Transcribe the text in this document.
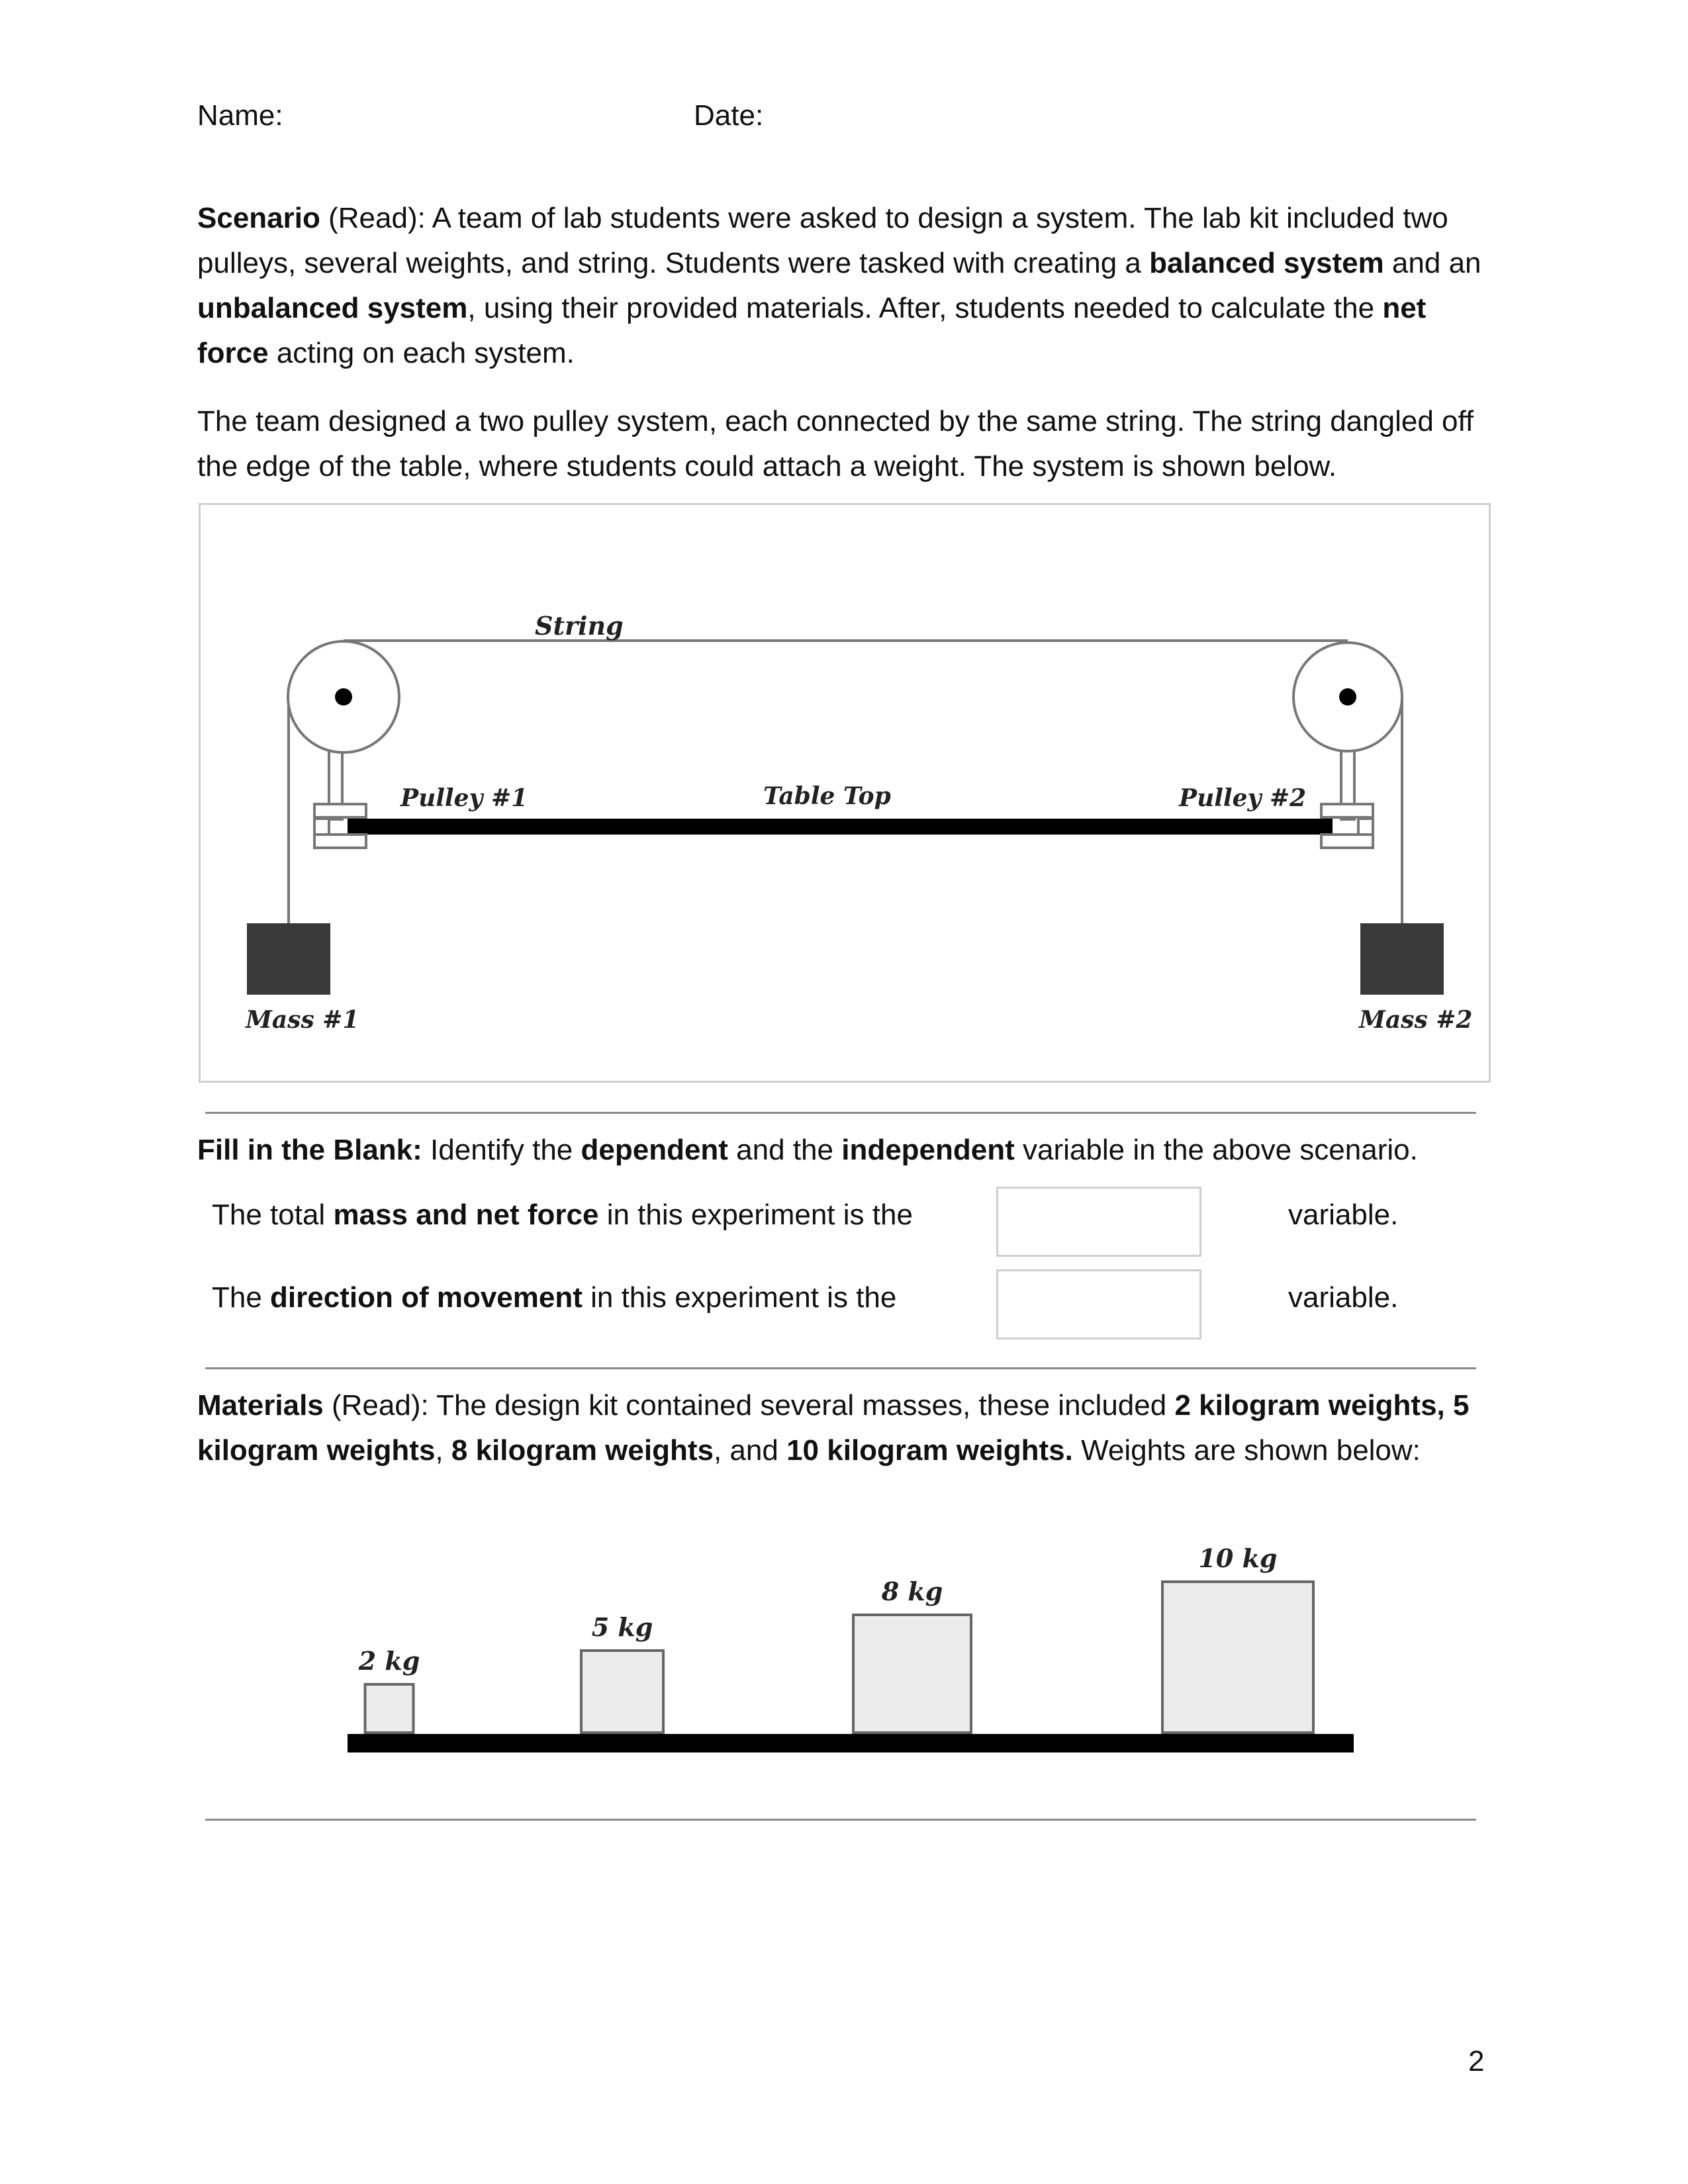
Name:	Date:
Scenario (Read): A team of lab students were asked to design a system. The lab kit included two pulleys, several weights, and string. Students were tasked with creating a balanced system and an unbalanced system, using their provided materials. After, students needed to calculate the net force acting on each system.
The team designed a two pulley system, each connected by the same string. The string dangled off the edge of the table, where students could attach a weight. The system is shown below.
String
Pulley #1	Table Top	Pulley #2
Mass #1	Mass #2
Fill in the Blank: Identify the dependent and the independent variable in the above scenario.
The total mass and net force in this experiment is the	variable.
The direction of movement in this experiment is the	variable.
Materials (Read): The design kit contained several masses, these included 2 kilogram weights, 5 kilogram weights, 8 kilogram weights, and 10 kilogram weights. Weights are shown below:
2 kg
5 kg
8 kg
10 kg
2
